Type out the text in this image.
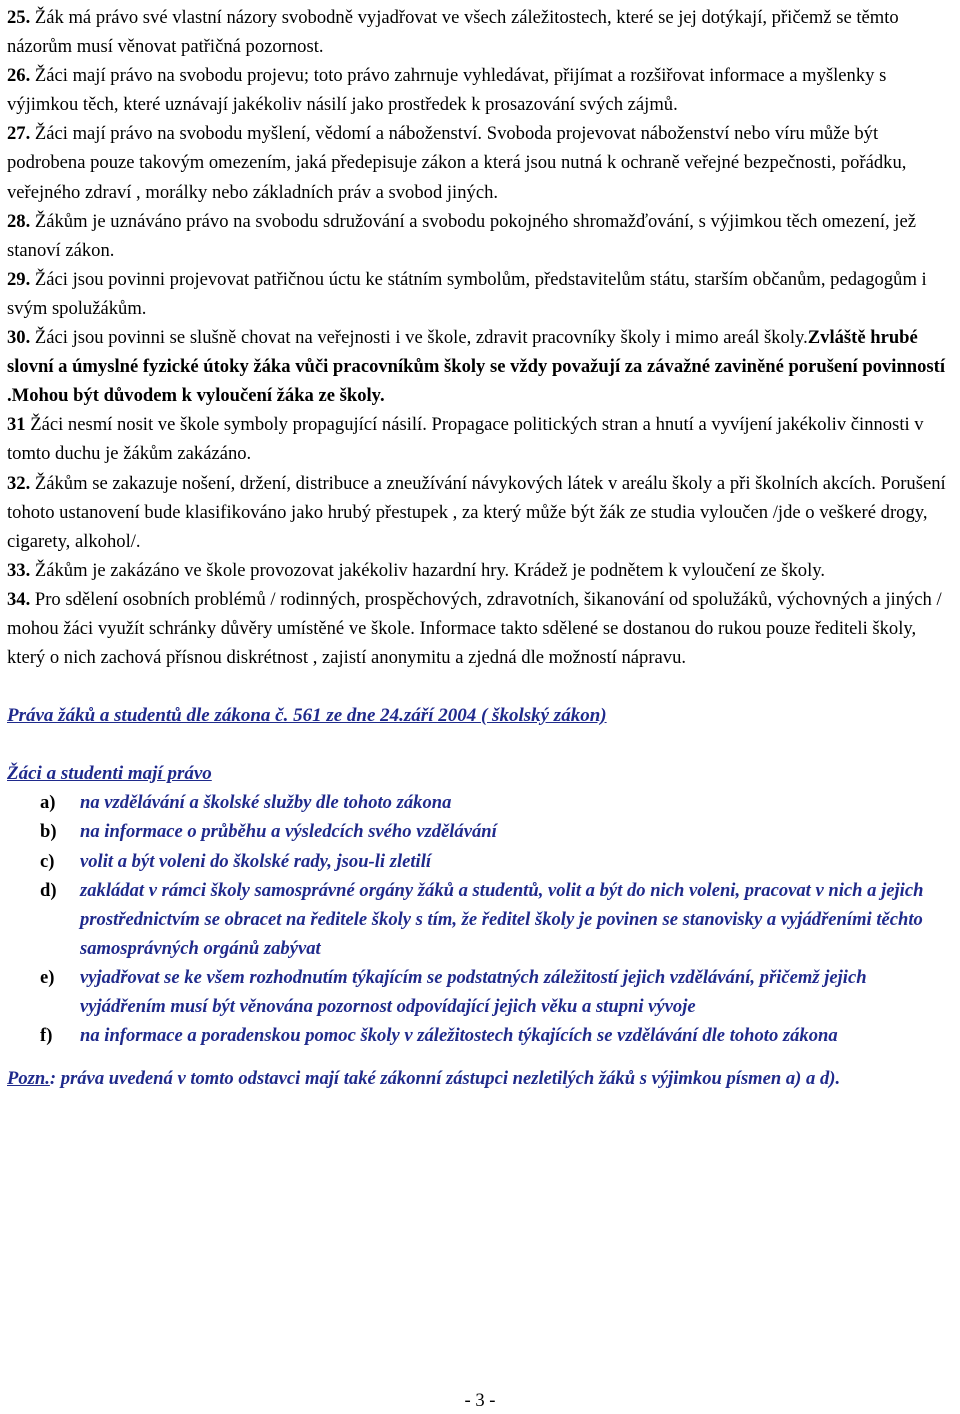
25. Žák má právo své vlastní názory svobodně vyjadřovat ve všech záležitostech, které se jej dotýkají, přičemž se těmto názorům musí věnovat patřičná pozornost.

26. Žáci mají právo na svobodu projevu; toto právo zahrnuje vyhledávat, přijímat a rozšiřovat informace a myšlenky s výjimkou těch, které uznávají jakékoliv násilí jako prostředek k prosazování svých zájmů.

27. Žáci mají právo na svobodu myšlení, vědomí a náboženství. Svoboda projevovat náboženství nebo víru může být podrobena pouze takovým omezením, jaká předepisuje zákon a která jsou nutná k ochraně veřejné bezpečnosti, pořádku, veřejného zdraví , morálky nebo základních práv a svobod jiných.

28. Žákům je uznáváno právo na svobodu sdružování a svobodu pokojného shromažďování, s výjimkou těch omezení, jež stanoví zákon.

29. Žáci jsou povinni projevovat patřičnou úctu ke státním symbolům, představitelům státu, starším občanům, pedagogům i svým spolužákům.

30. Žáci jsou povinni se slušně chovat na veřejnosti i ve škole, zdravit pracovníky školy i mimo areál školy.Zvláště hrubé slovní a úmyslné fyzické útoky žáka vůči pracovníkům školy se vždy považují za závažné zaviněné porušení povinností .Mohou být důvodem k vyloučení žáka ze školy.

31 Žáci nesmí nosit ve škole symboly propagující násilí. Propagace politických stran a hnutí a vyvíjení jakékoliv činnosti v tomto duchu je žákům zakázáno.

32. Žákům se zakazuje nošení, držení, distribuce a zneužívání návykových látek v areálu školy a při školních akcích. Porušení tohoto ustanovení bude klasifikováno jako hrubý přestupek , za který může být žák ze studia vyloučen /jde o veškeré drogy, cigarety, alkohol/.

33. Žákům je zakázáno ve škole provozovat jakékoliv hazardní hry. Krádež je podnětem k vyloučení ze školy.

34. Pro sdělení osobních problémů / rodinných, prospěchových, zdravotních, šikanování od spolužáků, výchovných a jiných / mohou žáci využít schránky důvěry umístěné ve škole. Informace takto sdělené se dostanou do rukou pouze řediteli školy, který o nich zachová přísnou diskrétnost , zajistí anonymitu a zjedná dle možností nápravu.

Práva žáků a studentů dle zákona č. 561 ze dne 24.září 2004 ( školský zákon)

Žáci a studenti mají právo

a)	na vzdělávání a školské služby dle tohoto zákona
b)	na informace o průběhu a výsledcích svého vzdělávání
c)	volit a být voleni do školské rady, jsou-li zletilí
d)	zakládat v rámci školy samosprávné orgány žáků a studentů, volit a být do nich voleni, pracovat v nich a jejich prostřednictvím se obracet na ředitele školy s tím, že ředitel školy je povinen se stanovisky a vyjádřeními těchto samosprávných orgánů zabývat
e)	vyjadřovat se ke všem rozhodnutím týkajícím se podstatných záležitostí jejich vzdělávání, přičemž jejich vyjádřením musí být věnována pozornost odpovídající jejich věku a stupni vývoje
f)	na informace a poradenskou pomoc školy v záležitostech týkajících se vzdělávání dle tohoto zákona

Pozn.: práva uvedená v tomto odstavci mají také zákonní zástupci nezletilých žáků s výjimkou písmen a) a d).

- 3 -
